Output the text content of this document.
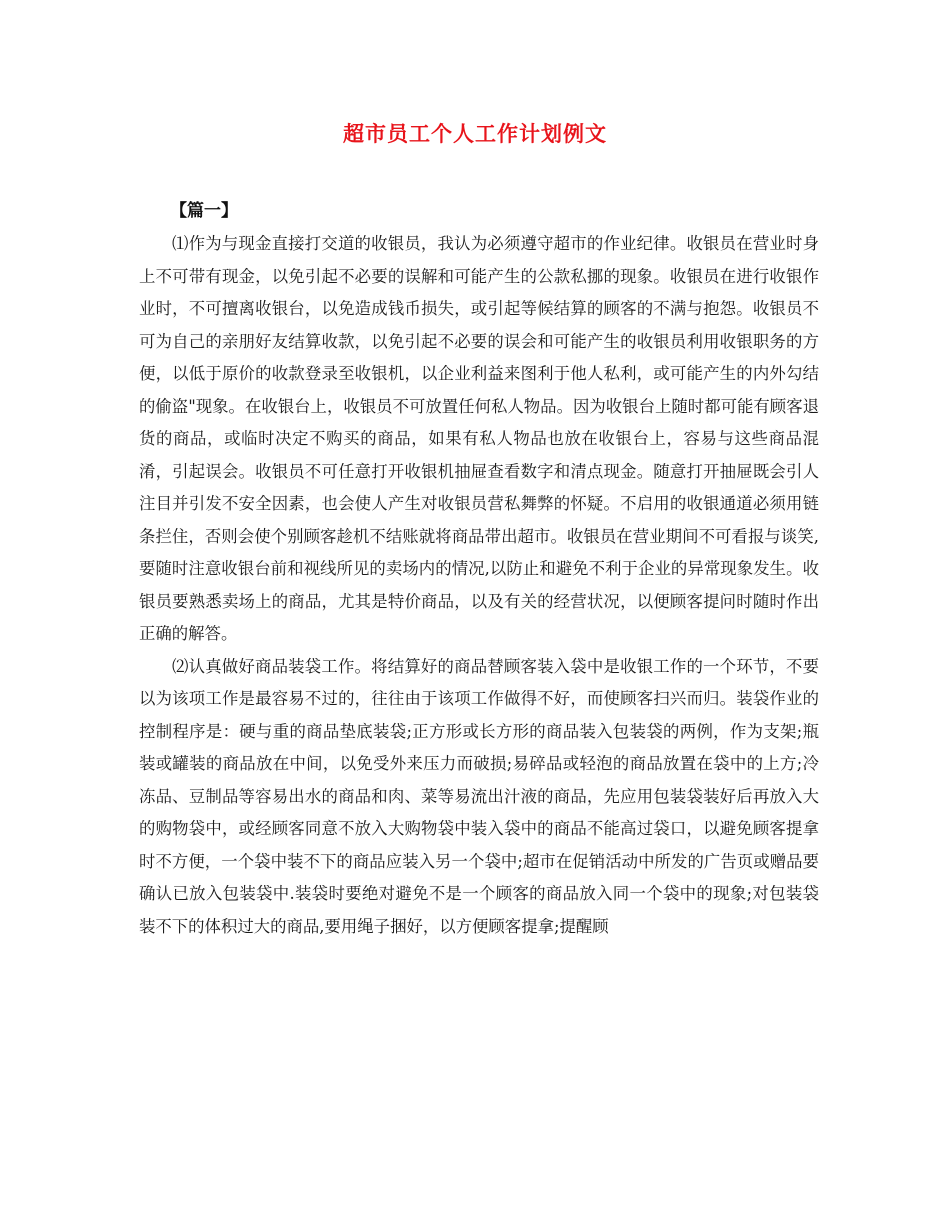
超市员工个人工作计划例文
【篇一】

⑴作为与现金直接打交道的收银员，我认为必须遵守超市的作业纪律。收银员在营业时身上不可带有现金，以免引起不必要的误解和可能产生的公款私挪的现象。收银员在进行收银作业时，不可擅离收银台，以免造成钱币损失，或引起等候结算的顾客的不满与抱怨。收银员不可为自己的亲朋好友结算收款，以免引起不必要的误会和可能产生的收银员利用收银职务的方便，以低于原价的收款登录至收银机，以企业利益来图利于他人私利，或可能产生的内外勾结的偷盗"现象。在收银台上，收银员不可放置任何私人物品。因为收银台上随时都可能有顾客退货的商品，或临时决定不购买的商品，如果有私人物品也放在收银台上，容易与这些商品混淆，引起误会。收银员不可任意打开收银机抽屉查看数字和清点现金。随意打开抽屉既会引人注目并引发不安全因素，也会使人产生对收银员营私舞弊的怀疑。不启用的收银通道必须用链条拦住，否则会使个别顾客趁机不结账就将商品带出超市。收银员在营业期间不可看报与谈笑,要随时注意收银台前和视线所见的卖场内的情况,以防止和避免不利于企业的异常现象发生。收银员要熟悉卖场上的商品，尤其是特价商品，以及有关的经营状况，以便顾客提问时随时作出正确的解答。

⑵认真做好商品装袋工作。将结算好的商品替顾客装入袋中是收银工作的一个环节，不要以为该项工作是最容易不过的，往往由于该项工作做得不好，而使顾客扫兴而归。装袋作业的控制程序是：硬与重的商品垫底装袋;正方形或长方形的商品装入包装袋的两例，作为支架;瓶装或罐装的商品放在中间，以免受外来压力而破损;易碎品或轻泡的商品放置在袋中的上方;冷冻品、豆制品等容易出水的商品和肉、菜等易流出汁液的商品，先应用包装袋装好后再放入大的购物袋中，或经顾客同意不放入大购物袋中装入袋中的商品不能高过袋口，以避免顾客提拿时不方便，一个袋中装不下的商品应装入另一个袋中;超市在促销活动中所发的广告页或赠品要确认已放入包装袋中.装袋时要绝对避免不是一个顾客的商品放入同一个袋中的现象;对包装袋装不下的体积过大的商品,要用绳子捆好，以方便顾客提拿;提醒顾
